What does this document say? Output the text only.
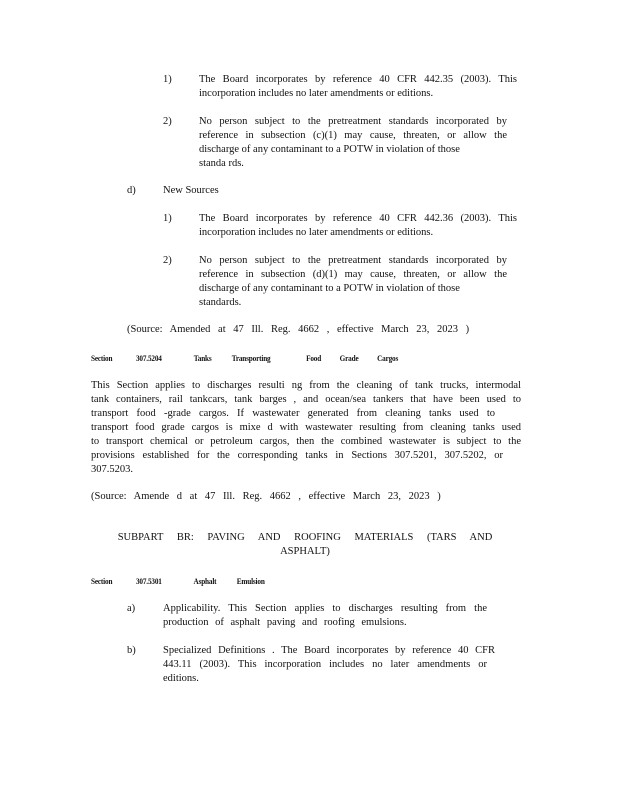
1)	The Board incorporates by reference 40 CFR 442.35 (2003). This
incorporation includes no later amendments or editions.
2)	No person subject to the pretreatment standards incorporated by
reference in subsection (c)(1) may cause, threaten, or allow the
discharge of any contaminant to a POTW in violation of those
standa rds.
d)	New Sources
1)	The Board incorporates by reference 40 CFR 442.36 (2003). This
incorporation includes no later amendments or editions.
2)	No person subject to the pretreatment standards incorporated by
reference in subsection (d)(1) may cause, threaten, or allow the
discharge of any contaminant to a POTW in violation of those
standards.
(Source: Amended at 47 Ill. Reg. 4662 , effective March 23, 2023 )
Section	307.5204	Tanks Transporting	Food Grade Cargos
This Section applies to discharges resulti ng from the cleaning of tank trucks, intermodal
tank containers, rail tankcars, tank barges , and ocean/sea tankers that have been used to
transport food -grade cargos. If wastewater generated from cleaning tanks used to
transport food grade cargos is mixe d with wastewater resulting from cleaning tanks used
to transport chemical or petroleum cargos, then the combined wastewater is subject to the
provisions established for the corresponding tanks in Sections 307.5201, 307.5202, or
307.5203.
(Source: Amende d at 47 Ill. Reg. 4662 , effective March 23, 2023 )
SUBPART BR: PAVING AND ROOFING MATERIALS (TARS AND
ASPHALT)
Section	307.5301	Asphalt Emulsion
a)	Applicability. This Section applies to discharges resulting from the
production of asphalt paving and roofing emulsions.
b)	Specialized Definitions . The Board incorporates by reference 40 CFR
443.11 (2003). This incorporation includes no later amendments or
editions.
